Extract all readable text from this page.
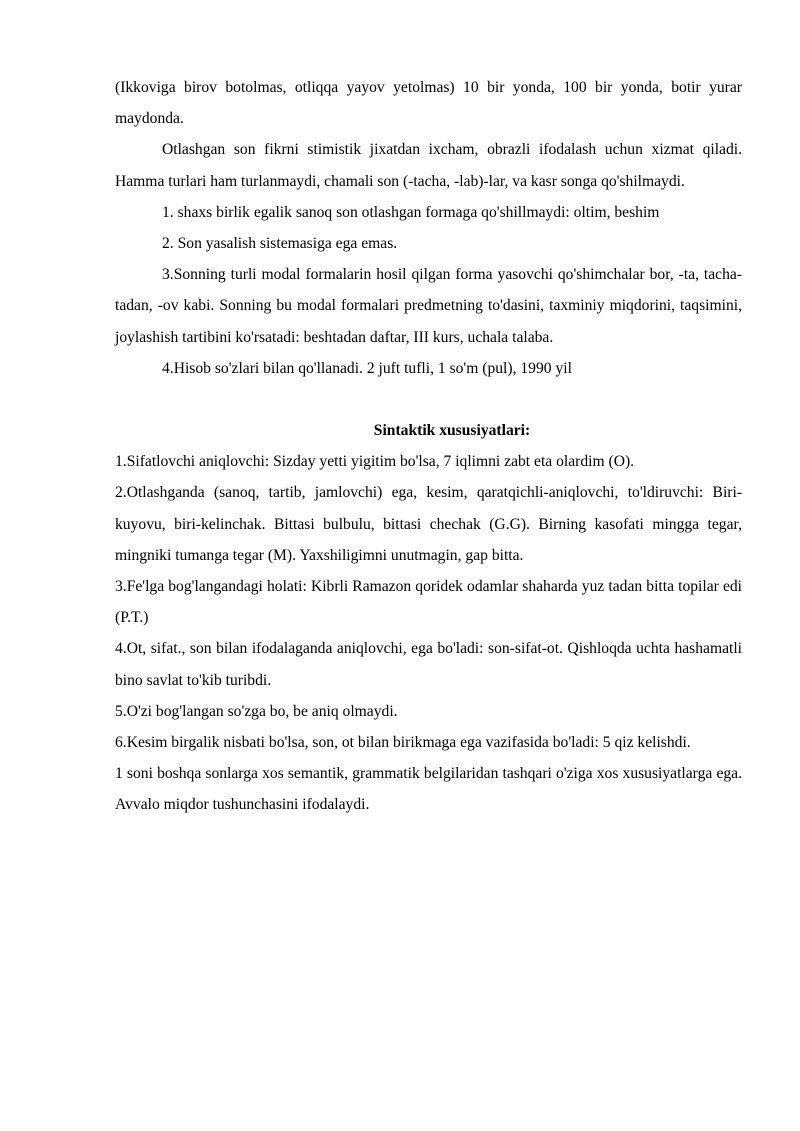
(Ikkoviga birov botolmas, otliqqa yayov yetolmas) 10 bir yonda, 100 bir yonda, botir yurar maydonda.

Otlashgan son fikrni stimistik jixatdan ixcham, obrazli ifodalash uchun xizmat qiladi. Hamma turlari ham turlanmaydi, chamali son (-tacha, -lab)-lar, va kasr songa qo'shilmaydi.

1. shaxs birlik egalik sanoq son otlashgan formaga qo'shillmaydi: oltim, beshim

2. Son yasalish sistemasiga ega emas.

3.Sonning turli modal formalarin hosil qilgan forma yasovchi qo'shimchalar bor, -ta, tacha-tadan, -ov kabi. Sonning bu modal formalari predmetning to'dasini, taxminiy miqdorini, taqsimini, joylashish tartibini ko'rsatadi: beshtadan daftar, III kurs, uchala talaba.

4.Hisob so'zlari bilan qo'llanadi. 2 juft tufli, 1 so'm (pul), 1990 yil

Sintaktik xususiyatlari:

1.Sifatlovchi aniqlovchi: Sizday yetti yigitim bo'lsa, 7 iqlimni zabt eta olardim (O).

2.Otlashganda (sanoq, tartib, jamlovchi) ega, kesim, qaratqichli-aniqlovchi, to'ldiruvchi: Biri-kuyovu, biri-kelinchak. Bittasi bulbulu, bittasi chechak (G.G). Birning kasofati mingga tegar, mingniki tumanga tegar (M). Yaxshiligimni unutmagin, gap bitta.

3.Fe'lga bog'langandagi holati: Kibrli Ramazon qoridek odamlar shaharda yuz tadan bitta topilar edi (P.T.)

4.Ot, sifat., son bilan ifodalaganda aniqlovchi, ega bo'ladi: son-sifat-ot. Qishloqda uchta hashamatli bino savlat to'kib turibdi.

5.O'zi bog'langan so'zga bo, be aniq olmaydi.

6.Kesim birgalik nisbati bo'lsa, son, ot bilan birikmaga ega vazifasida bo'ladi: 5 qiz kelishdi.

1 soni boshqa sonlarga xos semantik, grammatik belgilaridan tashqari o'ziga xos xususiyatlarga ega. Avvalo miqdor tushunchasini ifodalaydi.
